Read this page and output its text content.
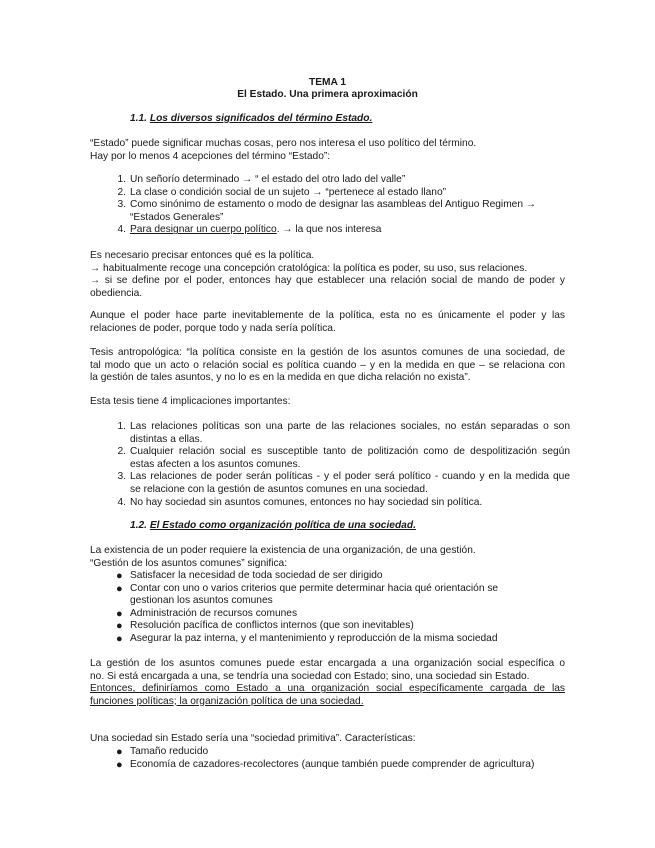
TEMA 1
El Estado. Una primera aproximación
1.1. Los diversos significados del término Estado.
“Estado” puede significar muchas cosas, pero nos interesa el uso político del término.
Hay por lo menos 4 acepciones del término “Estado”:
1. Un señorío determinado → “ el estado del otro lado del valle”
2. La clase o condición social de un sujeto → “pertenece al estado llano”
3. Como sinónimo de estamento o modo de designar las asambleas del Antiguo Regimen →
“Estados Generales”
4. Para designar un cuerpo político. → la que nos interesa
Es necesario precisar entonces qué es la política.
→ habitualmente recoge una concepción cratológica: la política es poder, su uso, sus relaciones.
→ si se define por el poder, entonces hay que establecer una relación social de mando de poder y
obediencia.
Aunque el poder hace parte inevitablemente de la política, esta no es únicamente el poder y las
relaciones de poder, porque todo y nada sería política.
Tesis antropológica: “la política consiste en la gestión de los asuntos comunes de una sociedad, de
tal modo que un acto o relación social es política cuando – y en la medida en que – se relaciona con
la gestión de tales asuntos, y no lo es en la medida en que dicha relación no exista”.
Esta tesis tiene 4 implicaciones importantes:
1. Las relaciones políticas son una parte de las relaciones sociales, no están separadas o son
distintas a ellas.
2. Cualquier relación social es susceptible tanto de politización como de despolitización según
estas afecten a los asuntos comunes.
3. Las relaciones de poder serán políticas - y el poder será político - cuando y en la medida que
se relacione con la gestión de asuntos comunes en una sociedad.
4. No hay sociedad sin asuntos comunes, entonces no hay sociedad sin política.
1.2. El Estado como organización política de una sociedad.
La existencia de un poder requiere la existencia de una organización, de una gestión.
“Gestión de los asuntos comunes” significa:
● Satisfacer la necesidad de toda sociedad de ser dirigido
● Contar con uno o varios criterios que permite determinar hacia qué orientación se
gestionan los asuntos comunes
● Administración de recursos comunes
● Resolución pacífica de conflictos internos (que son inevitables)
● Asegurar la paz interna, y el mantenimiento y reproducción de la misma sociedad
La gestión de los asuntos comunes puede estar encargada a una organización social específica o
no. Si está encargada a una, se tendría una sociedad con Estado; sino, una sociedad sin Estado.
Entonces, definiríamos como Estado a una organización social específicamente cargada de las
funciones políticas; la organización política de una sociedad.
Una sociedad sin Estado sería una “sociedad primitiva”. Características:
● Tamaño reducido
● Economía de cazadores-recolectores (aunque también puede comprender de agricultura)
